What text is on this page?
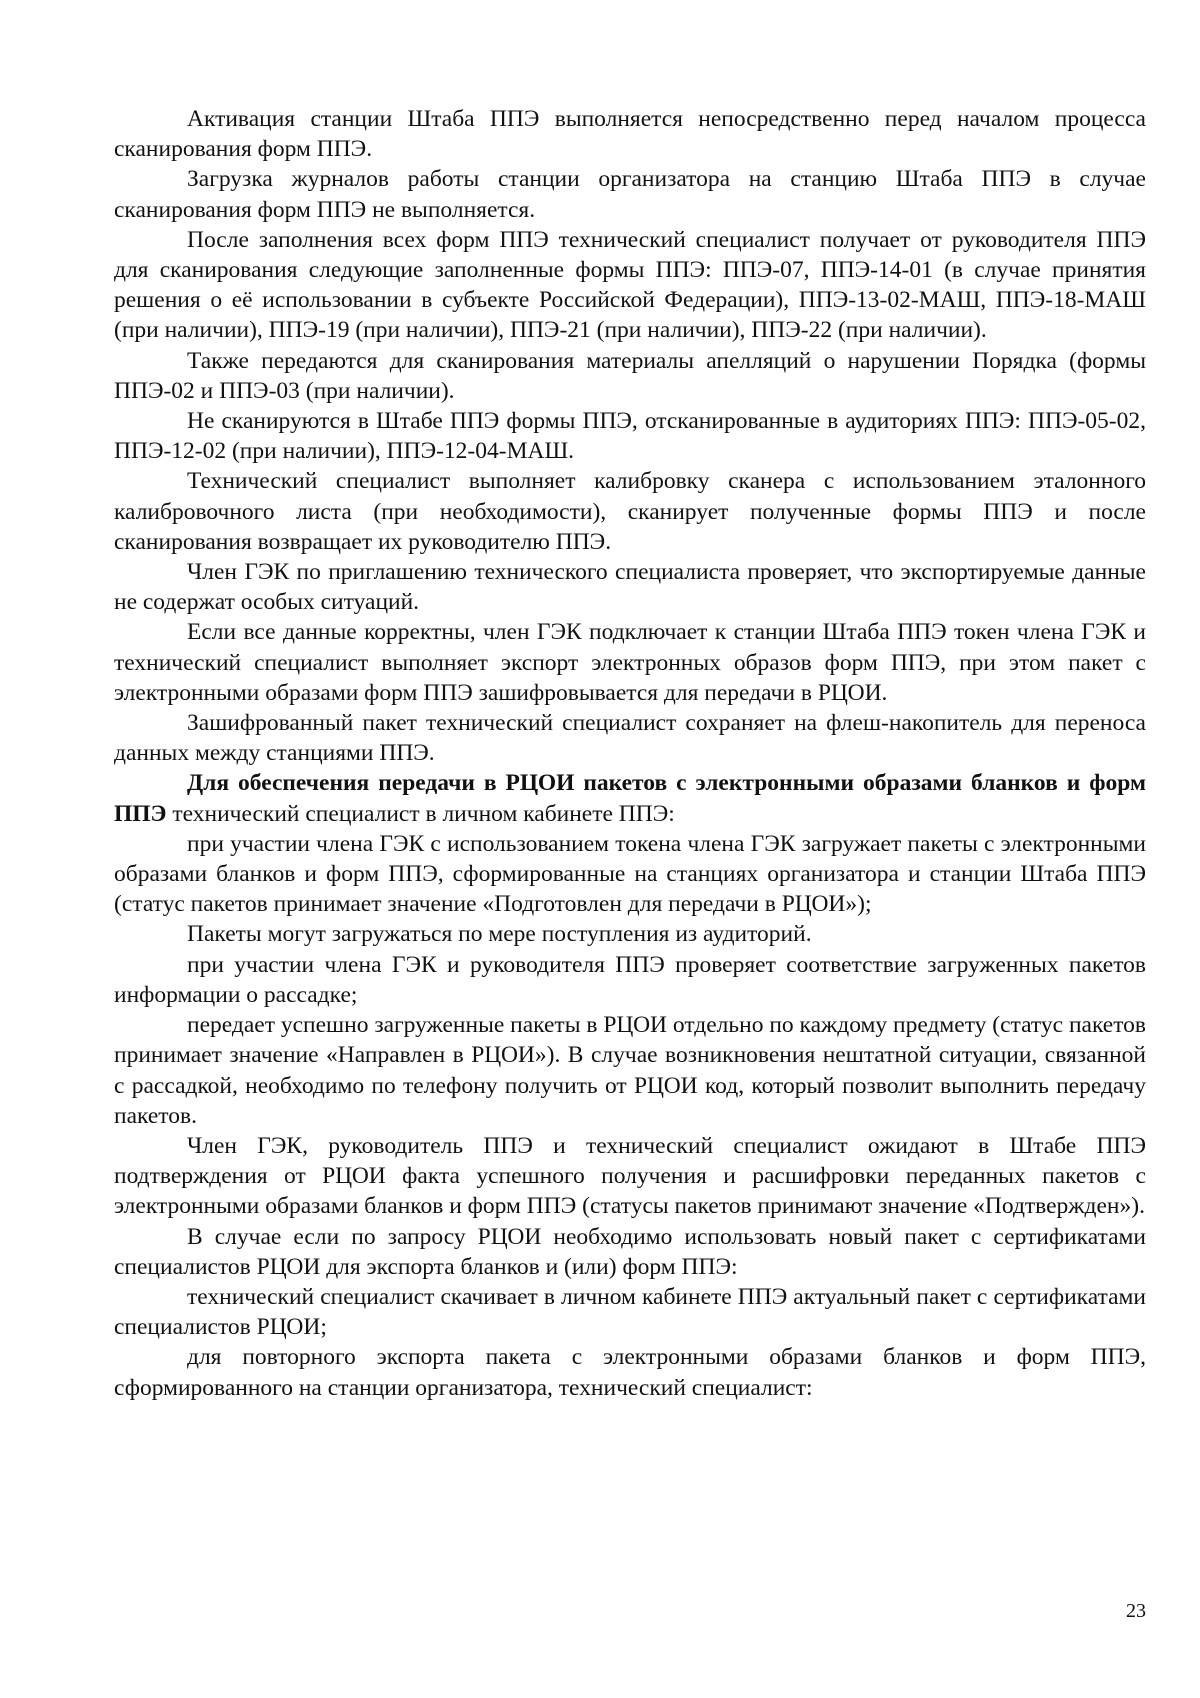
Активация станции Штаба ППЭ выполняется непосредственно перед началом процесса сканирования форм ППЭ.

Загрузка журналов работы станции организатора на станцию Штаба ППЭ в случае сканирования форм ППЭ не выполняется.

После заполнения всех форм ППЭ технический специалист получает от руководителя ППЭ для сканирования следующие заполненные формы ППЭ: ППЭ-07, ППЭ-14-01 (в случае принятия решения о её использовании в субъекте Российской Федерации), ППЭ-13-02-МАШ, ППЭ-18-МАШ (при наличии), ППЭ-19 (при наличии), ППЭ-21 (при наличии), ППЭ-22 (при наличии).

Также передаются для сканирования материалы апелляций о нарушении Порядка (формы ППЭ-02 и ППЭ-03 (при наличии).

Не сканируются в Штабе ППЭ формы ППЭ, отсканированные в аудиториях ППЭ: ППЭ-05-02, ППЭ-12-02 (при наличии), ППЭ-12-04-МАШ.

Технический специалист выполняет калибровку сканера с использованием эталонного калибровочного листа (при необходимости), сканирует полученные формы ППЭ и после сканирования возвращает их руководителю ППЭ.

Член ГЭК по приглашению технического специалиста проверяет, что экспортируемые данные не содержат особых ситуаций.

Если все данные корректны, член ГЭК подключает к станции Штаба ППЭ токен члена ГЭК и технический специалист выполняет экспорт электронных образов форм ППЭ, при этом пакет с электронными образами форм ППЭ зашифровывается для передачи в РЦОИ.

Зашифрованный пакет технический специалист сохраняет на флеш-накопитель для переноса данных между станциями ППЭ.

Для обеспечения передачи в РЦОИ пакетов с электронными образами бланков и форм ППЭ технический специалист в личном кабинете ППЭ:

при участии члена ГЭК с использованием токена члена ГЭК загружает пакеты с электронными образами бланков и форм ППЭ, сформированные на станциях организатора и станции Штаба ППЭ (статус пакетов принимает значение «Подготовлен для передачи в РЦОИ»);

Пакеты могут загружаться по мере поступления из аудиторий.

при участии члена ГЭК и руководителя ППЭ проверяет соответствие загруженных пакетов информации о рассадке;

передает успешно загруженные пакеты в РЦОИ отдельно по каждому предмету (статус пакетов принимает значение «Направлен в РЦОИ»). В случае возникновения нештатной ситуации, связанной с рассадкой, необходимо по телефону получить от РЦОИ код, который позволит выполнить передачу пакетов.

Член ГЭК, руководитель ППЭ и технический специалист ожидают в Штабе ППЭ подтверждения от РЦОИ факта успешного получения и расшифровки переданных пакетов с электронными образами бланков и форм ППЭ (статусы пакетов принимают значение «Подтвержден»).

В случае если по запросу РЦОИ необходимо использовать новый пакет с сертификатами специалистов РЦОИ для экспорта бланков и (или) форм ППЭ:

технический специалист скачивает в личном кабинете ППЭ актуальный пакет с сертификатами специалистов РЦОИ;

для повторного экспорта пакета с электронными образами бланков и форм ППЭ, сформированного на станции организатора, технический специалист:

23
